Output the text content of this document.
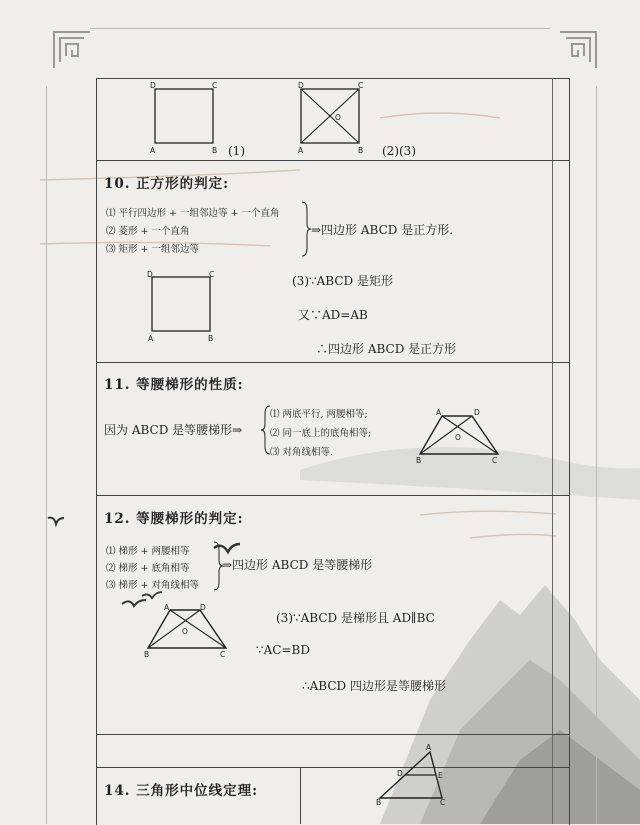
D	C
A	B (1)
D	C
O
A	B (2)(3)
10. 正方形的判定:
⑴ 平行四边形 + 一组邻边等 + 一个直角
⑵ 菱形 + 一个直角
⑶ 矩形 + 一组邻边等
⇒四边形 ABCD 是正方形.
D	C
A	B
(3)∵ABCD 是矩形
又∵AD=AB
∴四边形 ABCD 是正方形
11. 等腰梯形的性质:
因为 ABCD 是等腰梯形⇒
⑴ 两底平行, 两腰相等;
⑵ 同一底上的底角相等;
⑶ 对角线相等.
A	D
O
B	C
12. 等腰梯形的判定:
⑴ 梯形 + 两腰相等
⑵ 梯形 + 底角相等
⑶ 梯形 + 对角线相等
⇒四边形 ABCD 是等腰梯形
A	D
O
B	C
(3)∵ABCD 是梯形且 AD∥BC
∵AC=BD
∴ABCD 四边形是等腰梯形
14. 三角形中位线定理:
A
D	E
B	C
